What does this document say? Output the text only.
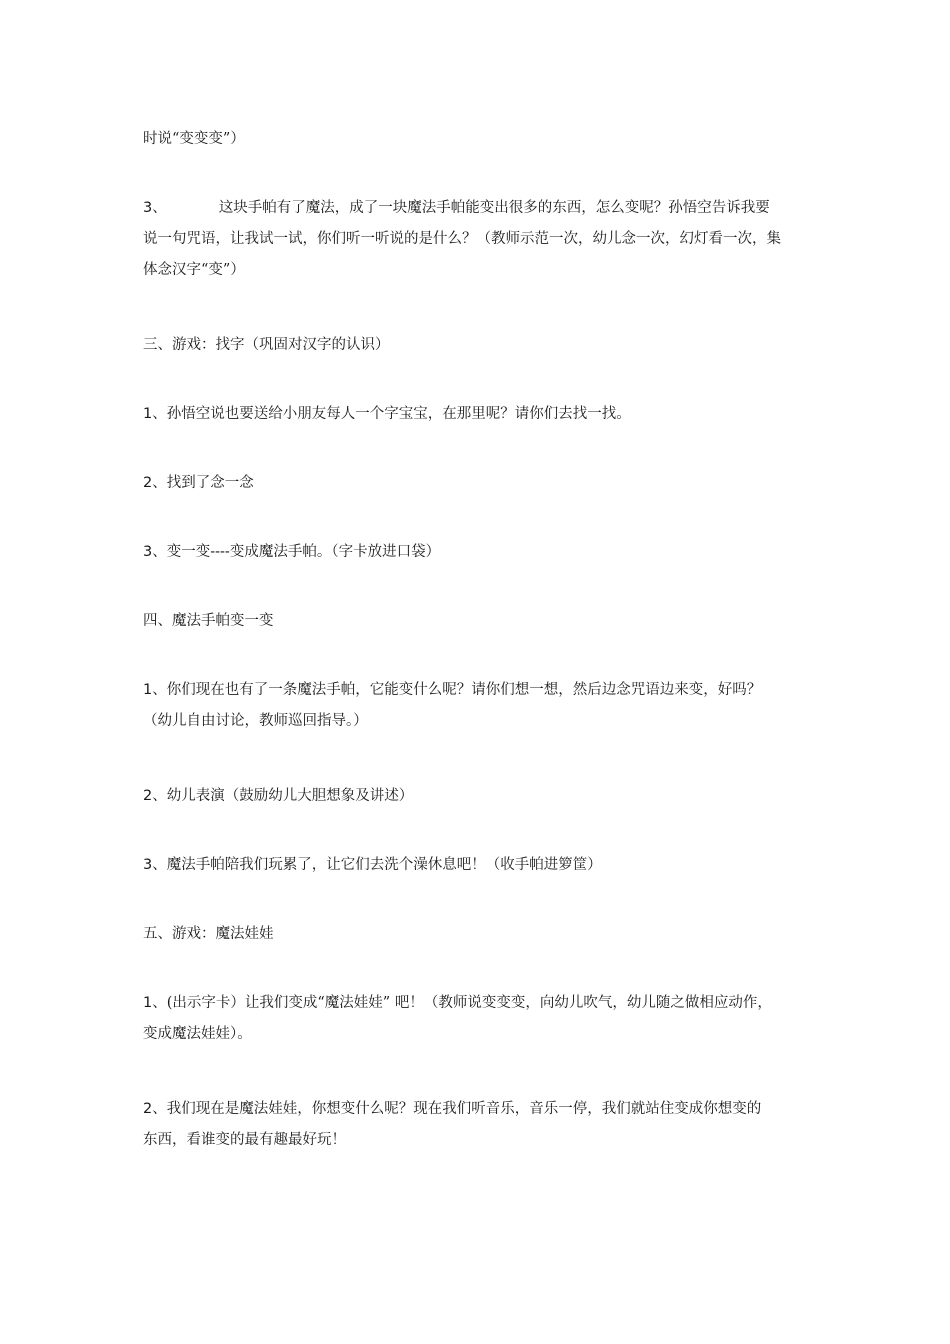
时说“变变变”）

3、	这块手帕有了魔法，成了一块魔法手帕能变出很多的东西，怎么变呢？孙悟空告诉我要
说一句咒语，让我试一试，你们听一听说的是什么？（教师示范一次，幼儿念一次，幻灯看一次，集
体念汉字“变”）

三、游戏：找字（巩固对汉字的认识）

1、孙悟空说也要送给小朋友每人一个字宝宝，在那里呢？请你们去找一找。

2、找到了念一念

3、变一变----变成魔法手帕。（字卡放进口袋）

四、魔法手帕变一变

1、你们现在也有了一条魔法手帕，它能变什么呢？请你们想一想，然后边念咒语边来变，好吗？
（幼儿自由讨论，教师巡回指导。）

2、幼儿表演（鼓励幼儿大胆想象及讲述）

3、魔法手帕陪我们玩累了，让它们去洗个澡休息吧！（收手帕进箩筐）

五、游戏：魔法娃娃

1、(出示字卡）让我们变成“魔法娃娃” 吧！（教师说变变变，向幼儿吹气，幼儿随之做相应动作，
变成魔法娃娃）。

2、我们现在是魔法娃娃，你想变什么呢？现在我们听音乐，音乐一停，我们就站住变成你想变的
东西，看谁变的最有趣最好玩！
